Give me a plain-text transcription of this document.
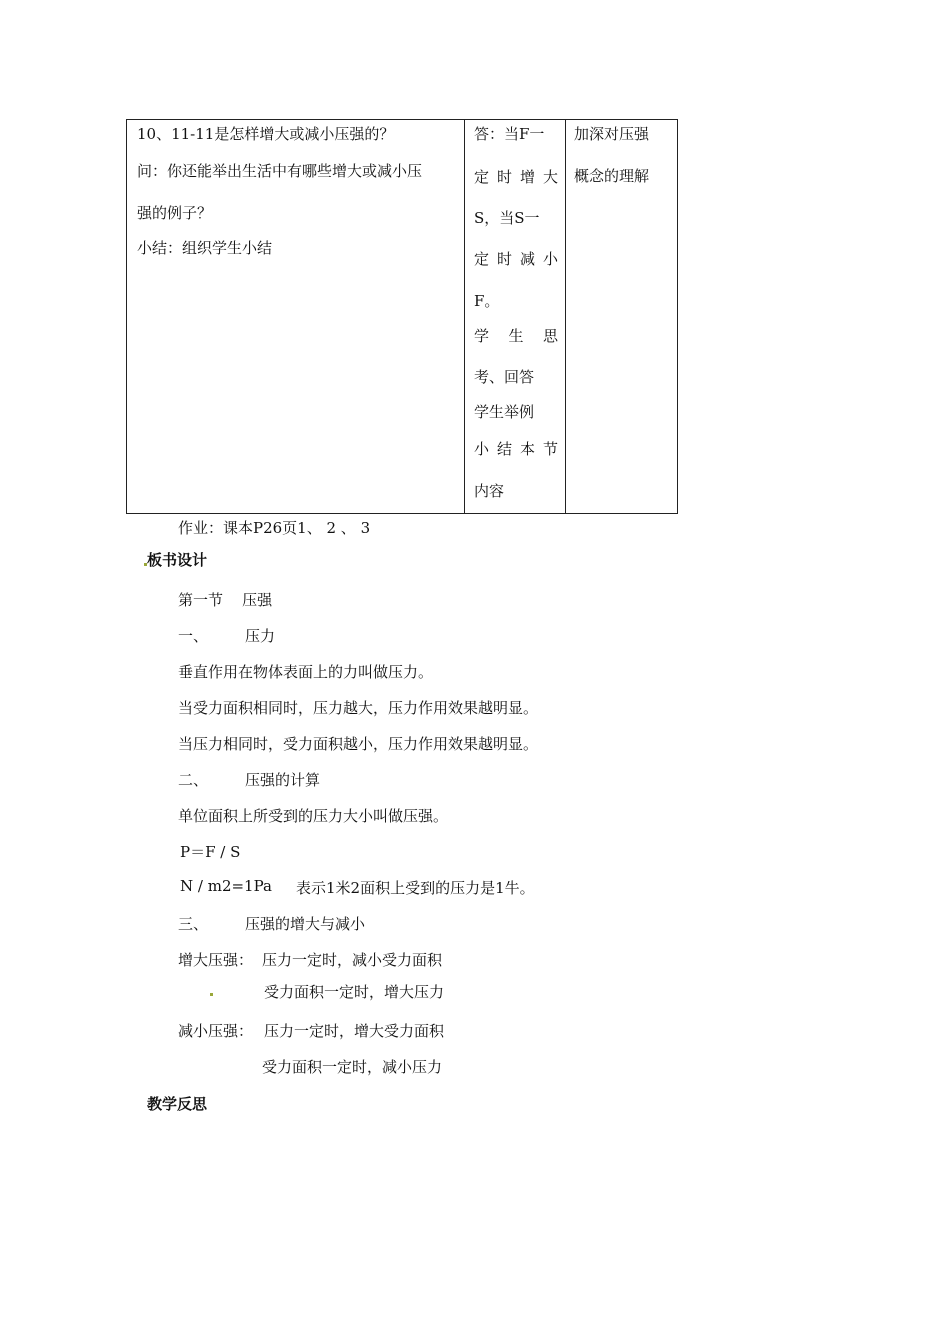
10、11-11是怎样增大或减小压强的？
问：你还能举出生活中有哪些增大或减小压
强的例子？
小结：组织学生小结

答：当F一
定 时 增 大
S，当S一
定 时 减 小
F。
学 生 思
考、回答
学生举例
小 结 本 节
内容

加深对压强
概念的理解
作业：课本P26页1、 2 、 3
板书设计
第一节    压强
一、 压力
垂直作用在物体表面上的力叫做压力。
当受力面积相同时，压力越大，压力作用效果越明显。
当压力相同时，受力面积越小，压力作用效果越明显。
二、 压强的计算
单位面积上所受到的压力大小叫做压强。
P＝F / S
N / m2=1Pa 表示1米2面积上受到的压力是1牛。
三、 压强的增大与减小
增大压强： 压力一定时，减小受力面积
受力面积一定时，增大压力
减小压强： 压力一定时，增大受力面积
受力面积一定时，减小压力
教学反思
